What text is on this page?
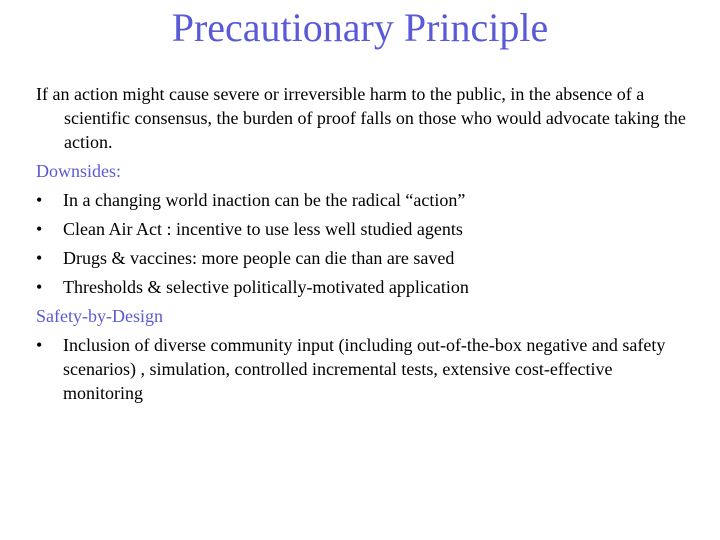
Precautionary Principle

If an action might cause severe or irreversible harm to the public, in the absence of a scientific consensus, the burden of proof falls on those who would advocate taking the action.

Downsides:

• In a changing world inaction can be the radical “action”
• Clean Air Act : incentive to use less well studied agents
• Drugs & vaccines: more people can die than are saved
• Thresholds & selective politically-motivated application

Safety-by-Design

• Inclusion of diverse community input (including out-of-the-box negative and safety scenarios) , simulation, controlled incremental tests, extensive cost-effective monitoring
